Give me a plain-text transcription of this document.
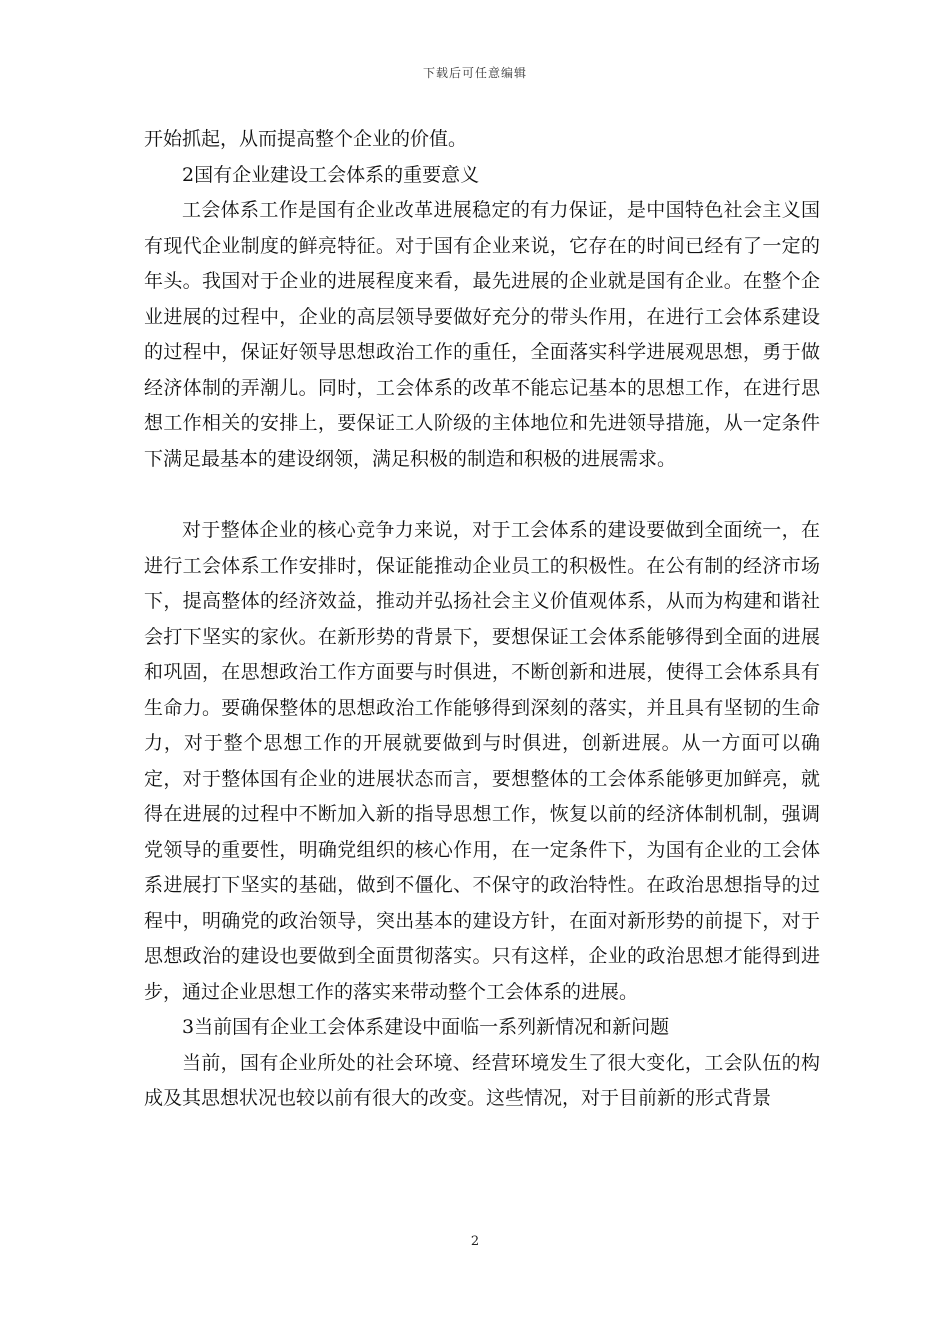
下载后可任意编辑

开始抓起，从而提高整个企业的价值。

2国有企业建设工会体系的重要意义

工会体系工作是国有企业改革进展稳定的有力保证，是中国特色社会主义国有现代企业制度的鲜亮特征。对于国有企业来说，它存在的时间已经有了一定的年头。我国对于企业的进展程度来看，最先进展的企业就是国有企业。在整个企业进展的过程中，企业的高层领导要做好充分的带头作用，在进行工会体系建设的过程中，保证好领导思想政治工作的重任，全面落实科学进展观思想，勇于做经济体制的弄潮儿。同时，工会体系的改革不能忘记基本的思想工作，在进行思想工作相关的安排上，要保证工人阶级的主体地位和先进领导措施，从一定条件下满足最基本的建设纲领，满足积极的制造和积极的进展需求。

对于整体企业的核心竞争力来说，对于工会体系的建设要做到全面统一，在进行工会体系工作安排时，保证能推动企业员工的积极性。在公有制的经济市场下，提高整体的经济效益，推动并弘扬社会主义价值观体系，从而为构建和谐社会打下坚实的家伙。在新形势的背景下，要想保证工会体系能够得到全面的进展和巩固，在思想政治工作方面要与时俱进，不断创新和进展，使得工会体系具有生命力。要确保整体的思想政治工作能够得到深刻的落实，并且具有坚韧的生命力，对于整个思想工作的开展就要做到与时俱进，创新进展。从一方面可以确定，对于整体国有企业的进展状态而言，要想整体的工会体系能够更加鲜亮，就得在进展的过程中不断加入新的指导思想工作，恢复以前的经济体制机制，强调党领导的重要性，明确党组织的核心作用，在一定条件下，为国有企业的工会体系进展打下坚实的基础，做到不僵化、不保守的政治特性。在政治思想指导的过程中，明确党的政治领导，突出基本的建设方针，在面对新形势的前提下，对于思想政治的建设也要做到全面贯彻落实。只有这样，企业的政治思想才能得到进步，通过企业思想工作的落实来带动整个工会体系的进展。

3当前国有企业工会体系建设中面临一系列新情况和新问题

当前，国有企业所处的社会环境、经营环境发生了很大变化，工会队伍的构成及其思想状况也较以前有很大的改变。这些情况，对于目前新的形式背景

2
